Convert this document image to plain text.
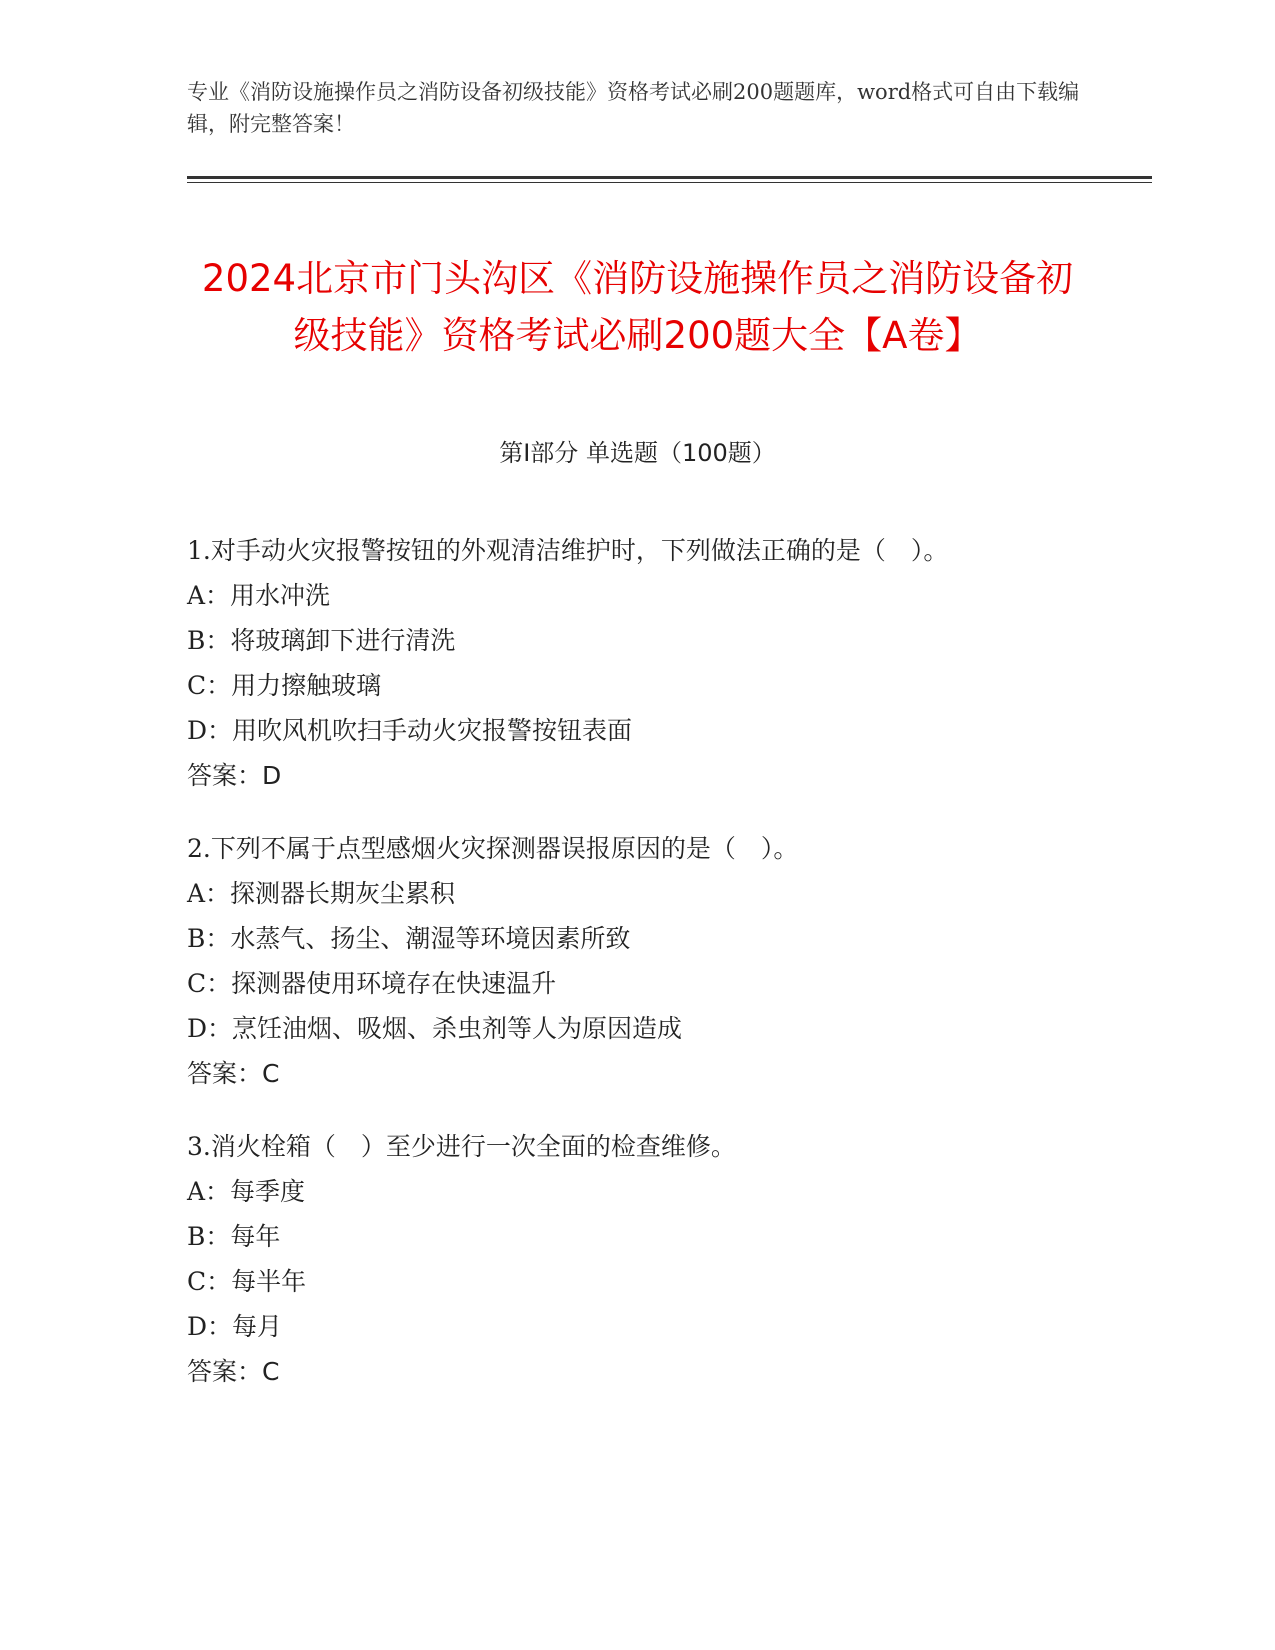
专业《消防设施操作员之消防设备初级技能》资格考试必刷200题题库，word格式可自由下载编辑，附完整答案！
2024北京市门头沟区《消防设施操作员之消防设备初级技能》资格考试必刷200题大全【A卷】
第Ⅰ部分 单选题（100题）

1.对手动火灾报警按钮的外观清洁维护时，下列做法正确的是（　）。

A：用水冲洗

B：将玻璃卸下进行清洗

C：用力擦触玻璃

D：用吹风机吹扫手动火灾报警按钮表面

答案：D

2.下列不属于点型感烟火灾探测器误报原因的是（　）。

A：探测器长期灰尘累积

B：水蒸气、扬尘、潮湿等环境因素所致

C：探测器使用环境存在快速温升

D：烹饪油烟、吸烟、杀虫剂等人为原因造成

答案：C

3.消火栓箱（　）至少进行一次全面的检查维修。

A：每季度

B：每年

C：每半年

D：每月

答案：C
